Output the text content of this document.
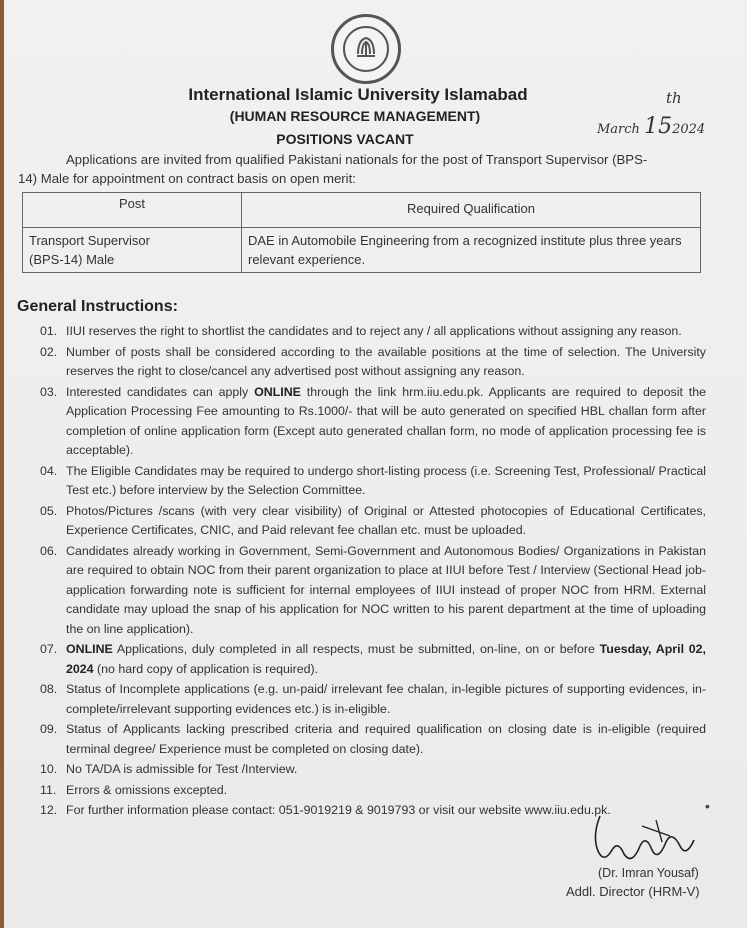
International Islamic University Islamabad
(HUMAN RESOURCE MANAGEMENT)
POSITIONS VACANT
th
March 152024
Applications are invited from qualified Pakistani nationals for the post of Transport Supervisor (BPS-
14) Male for appointment on contract basis on open merit:
Post	Required Qualification

Transport Supervisor
(BPS-14) Male	DAE in Automobile Engineering from a recognized institute plus three years relevant experience.
General Instructions:
01. IIUI reserves the right to shortlist the candidates and to reject any / all applications without assigning any reason.
02. Number of posts shall be considered according to the available positions at the time of selection. The University reserves the right to close/cancel any advertised post without assigning any reason.
03. Interested candidates can apply ONLINE through the link hrm.iiu.edu.pk. Applicants are required to deposit the Application Processing Fee amounting to Rs.1000/- that will be auto generated on specified HBL challan form after completion of online application form (Except auto generated challan form, no mode of application processing fee is acceptable).
04. The Eligible Candidates may be required to undergo short-listing process (i.e. Screening Test, Professional/ Practical Test etc.) before interview by the Selection Committee.
05. Photos/Pictures /scans (with very clear visibility) of Original or Attested photocopies of Educational Certificates, Experience Certificates, CNIC, and Paid relevant fee challan etc. must be uploaded.
06. Candidates already working in Government, Semi-Government and Autonomous Bodies/ Organizations in Pakistan are required to obtain NOC from their parent organization to place at IIUI before Test / Interview (Sectional Head job-application forwarding note is sufficient for internal employees of IIUI instead of proper NOC from HRM. External candidate may upload the snap of his application for NOC written to his parent department at the time of uploading the on line application).
07. ONLINE Applications, duly completed in all respects, must be submitted, on-line, on or before Tuesday, April 02, 2024 (no hard copy of application is required).
08. Status of Incomplete applications (e.g. un-paid/ irrelevant fee chalan, in-legible pictures of supporting evidences, in-complete/irrelevant supporting evidences etc.) is in-eligible.
09. Status of Applicants lacking prescribed criteria and required qualification on closing date is in-eligible (required terminal degree/ Experience must be completed on closing date).
10. No TA/DA is admissible for Test /Interview.
11. Errors & omissions excepted.
12. For further information please contact: 051-9019219 & 9019793 or visit our website www.iiu.edu.pk.	•
(Dr. Imran Yousaf)
Addl. Director (HRM-V)
